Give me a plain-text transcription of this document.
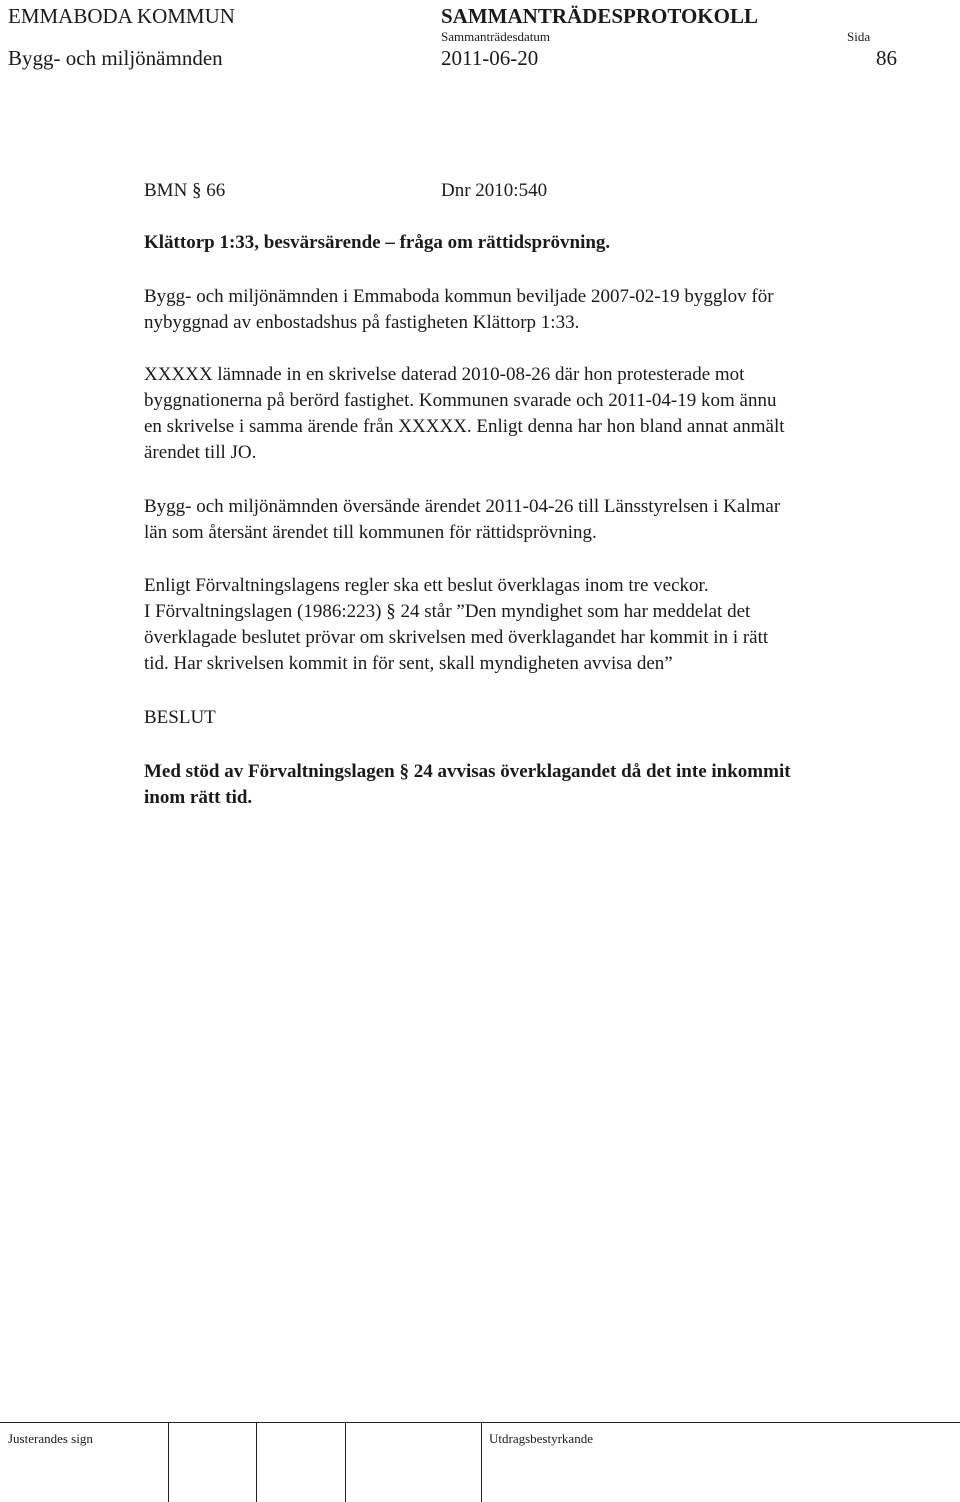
EMMABODA KOMMUN	SAMMANTRÄDESPROTOKOLL
Sammanträdesdatum	Sida
Bygg- och miljönämnden	2011-06-20	86
BMN § 66	Dnr 2010:540
Klättorp 1:33, besvärsärende – fråga om rättidsprövning.
Bygg- och miljönämnden i Emmaboda kommun beviljade 2007-02-19 bygglov för
nybyggnad av enbostadshus på fastigheten Klättorp 1:33.
XXXXX lämnade in en skrivelse daterad 2010-08-26 där hon protesterade mot
byggnationerna på berörd fastighet. Kommunen svarade och 2011-04-19 kom ännu
en skrivelse i samma ärende från XXXXX. Enligt denna har hon bland annat anmält
ärendet till JO.
Bygg- och miljönämnden översände ärendet 2011-04-26 till Länsstyrelsen i Kalmar
län som återsänt ärendet till kommunen för rättidsprövning.
Enligt Förvaltningslagens regler ska ett beslut överklagas inom tre veckor.
I Förvaltningslagen (1986:223) § 24 står ”Den myndighet som har meddelat det
överklagade beslutet prövar om skrivelsen med överklagandet har kommit in i rätt
tid. Har skrivelsen kommit in för sent, skall myndigheten avvisa den”
BESLUT
Med stöd av Förvaltningslagen § 24 avvisas överklagandet då det inte inkommit
inom rätt tid.
Justerandes sign	Utdragsbestyrkande
